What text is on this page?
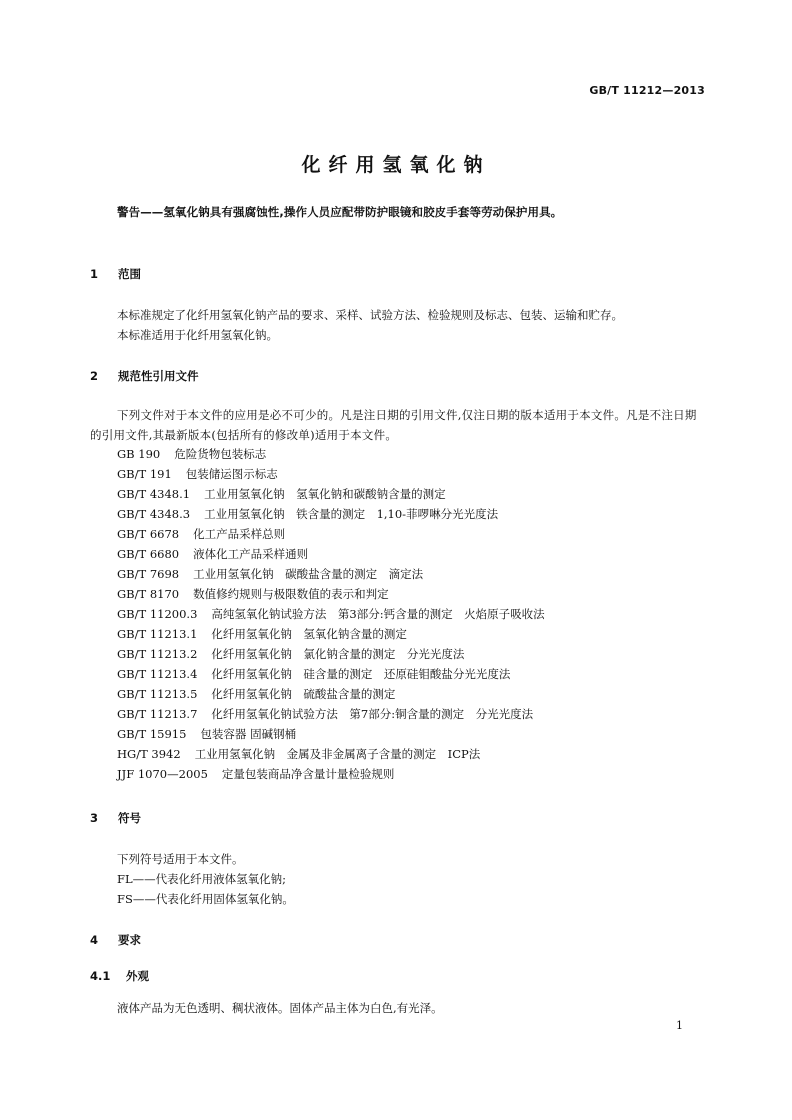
GB/T 11212—2013
化纤用氢氧化钠
警告——氢氧化钠具有强腐蚀性,操作人员应配带防护眼镜和胶皮手套等劳动保护用具。
1 范围
本标准规定了化纤用氢氧化钠产品的要求、采样、试验方法、检验规则及标志、包装、运输和贮存。
本标准适用于化纤用氢氧化钠。
2 规范性引用文件
下列文件对于本文件的应用是必不可少的。凡是注日期的引用文件,仅注日期的版本适用于本文件。凡是不注日期的引用文件,其最新版本(包括所有的修改单)适用于本文件。
GB 190 危险货物包装标志
GB/T 191 包装储运图示标志
GB/T 4348.1 工业用氢氧化钠　氢氧化钠和碳酸钠含量的测定
GB/T 4348.3 工业用氢氧化钠　铁含量的测定　1,10-菲啰啉分光光度法
GB/T 6678 化工产品采样总则
GB/T 6680 液体化工产品采样通则
GB/T 7698 工业用氢氧化钠　碳酸盐含量的测定　滴定法
GB/T 8170 数值修约规则与极限数值的表示和判定
GB/T 11200.3 高纯氢氧化钠试验方法　第3部分:钙含量的测定　火焰原子吸收法
GB/T 11213.1 化纤用氢氧化钠　氢氧化钠含量的测定
GB/T 11213.2 化纤用氢氧化钠　氯化钠含量的测定　分光光度法
GB/T 11213.4 化纤用氢氧化钠　硅含量的测定　还原硅钼酸盐分光光度法
GB/T 11213.5 化纤用氢氧化钠　硫酸盐含量的测定
GB/T 11213.7 化纤用氢氧化钠试验方法　第7部分:铜含量的测定　分光光度法
GB/T 15915 包装容器 固碱钢桶
HG/T 3942 工业用氢氧化钠　金属及非金属离子含量的测定　ICP法
JJF 1070—2005 定量包装商品净含量计量检验规则
3 符号
下列符号适用于本文件。
FL——代表化纤用液体氢氧化钠;
FS——代表化纤用固体氢氧化钠。
4 要求
4.1 外观
液体产品为无色透明、稠状液体。固体产品主体为白色,有光泽。
1
